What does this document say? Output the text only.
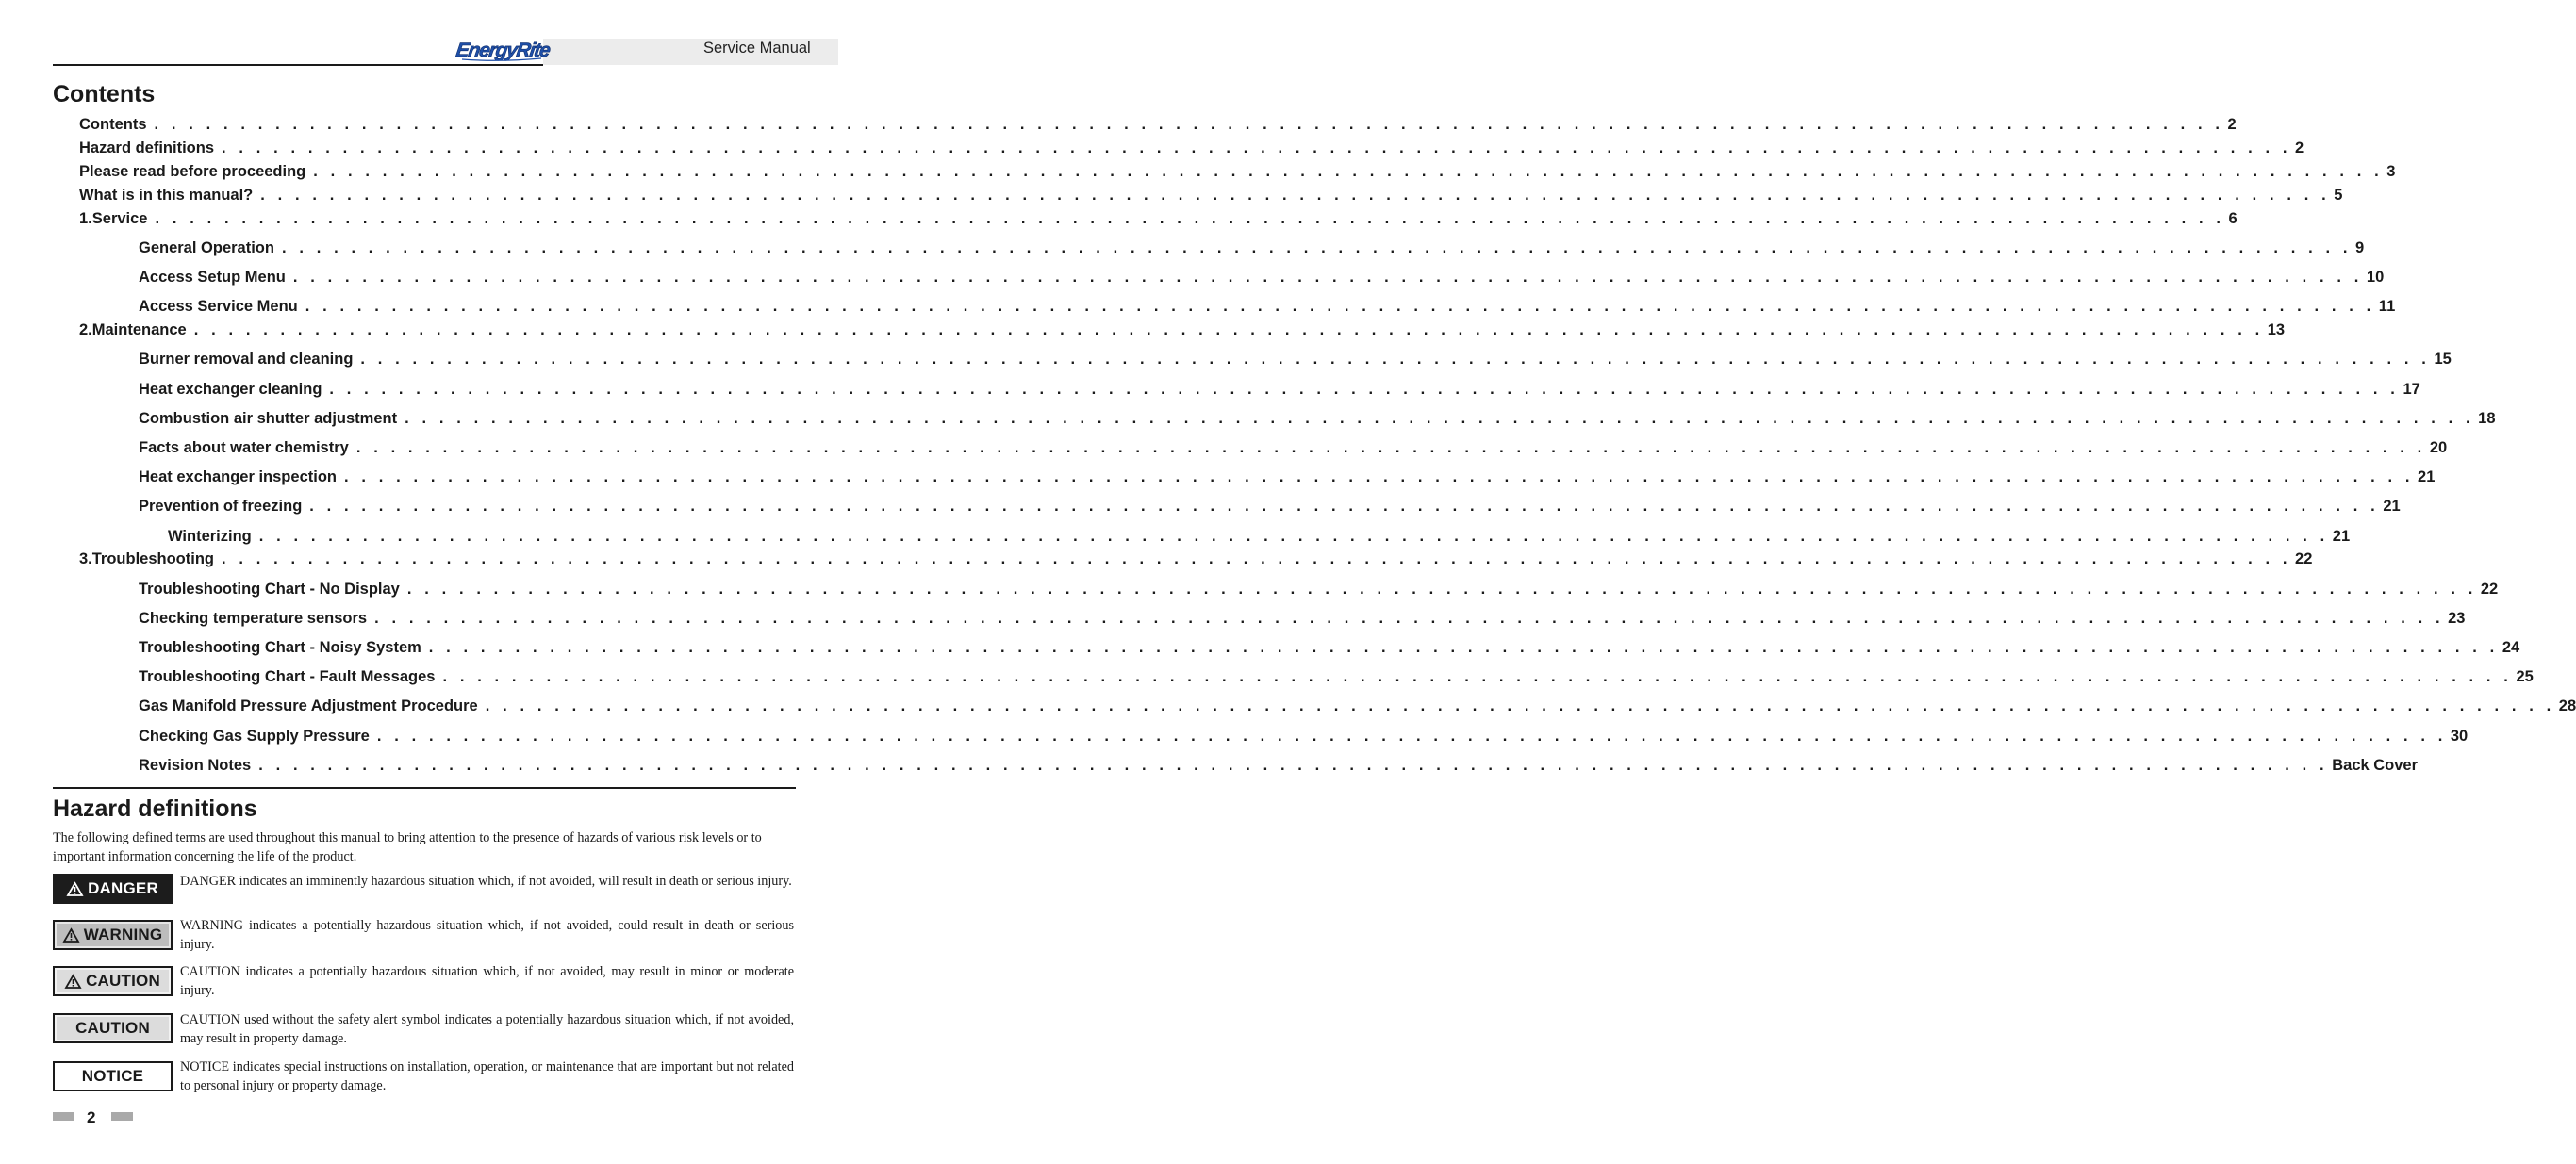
EnergyRite	Service Manual
Contents
Contents . . . . . . . . . . . . . . . . . . . . . . . . . . . . . . . . . . . . . . . . . . . . . . . . . . . . . . . . . . . . . . . . . . . . . . . . . . . . . . . . . . . . . . . . . . . . . . . . . . . . . . . . . . . . . . . . . . . . . . . . 2
Hazard definitions . . . . . . . . . . . . . . . . . . . . . . . . . . . . . . . . . . . . . . . . . . . . . . . . . . . . . . . . . . . . . . . . . . . . . . . . . . . . . . . . . . . . . . . . . . . . . . . . . . . . . . . . . . . . . . . . . . . . . . . . 2
Please read before proceeding . . . . . . . . . . . . . . . . . . . . . . . . . . . . . . . . . . . . . . . . . . . . . . . . . . . . . . . . . . . . . . . . . . . . . . . . . . . . . . . . . . . . . . . . . . . . . . . . . . . . . . . . . . . . . . . . . . . . . . . . 3
What is in this manual? . . . . . . . . . . . . . . . . . . . . . . . . . . . . . . . . . . . . . . . . . . . . . . . . . . . . . . . . . . . . . . . . . . . . . . . . . . . . . . . . . . . . . . . . . . . . . . . . . . . . . . . . . . . . . . . . . . . . . . . . 5
1. Service . . . . . . . . . . . . . . . . . . . . . . . . . . . . . . . . . . . . . . . . . . . . . . . . . . . . . . . . . . . . . . . . . . . . . . . . . . . . . . . . . . . . . . . . . . . . . . . . . . . . . . . . . . . . . . . . . . . . . . . . 6
General Operation . . . . . . . . . . . . . . . . . . . . . . . . . . . . . . . . . . . . . . . . . . . . . . . . . . . . . . . . . . . . . . . . . . . . . . . . . . . . . . . . . . . . . . . . . . . . . . . . . . . . . . . . . . . . . . . . . . . . . . . . 9
Access Setup Menu . . . . . . . . . . . . . . . . . . . . . . . . . . . . . . . . . . . . . . . . . . . . . . . . . . . . . . . . . . . . . . . . . . . . . . . . . . . . . . . . . . . . . . . . . . . . . . . . . . . . . . . . . . . . . . . . . . . . . . . . 10
Access Service Menu . . . . . . . . . . . . . . . . . . . . . . . . . . . . . . . . . . . . . . . . . . . . . . . . . . . . . . . . . . . . . . . . . . . . . . . . . . . . . . . . . . . . . . . . . . . . . . . . . . . . . . . . . . . . . . . . . . . . . . . . 11
2. Maintenance . . . . . . . . . . . . . . . . . . . . . . . . . . . . . . . . . . . . . . . . . . . . . . . . . . . . . . . . . . . . . . . . . . . . . . . . . . . . . . . . . . . . . . . . . . . . . . . . . . . . . . . . . . . . . . . . . . . . . . . . 13
Burner removal and cleaning . . . . . . . . . . . . . . . . . . . . . . . . . . . . . . . . . . . . . . . . . . . . . . . . . . . . . . . . . . . . . . . . . . . . . . . . . . . . . . . . . . . . . . . . . . . . . . . . . . . . . . . . . . . . . . . . . . . . . . . . 15
Heat exchanger cleaning . . . . . . . . . . . . . . . . . . . . . . . . . . . . . . . . . . . . . . . . . . . . . . . . . . . . . . . . . . . . . . . . . . . . . . . . . . . . . . . . . . . . . . . . . . . . . . . . . . . . . . . . . . . . . . . . . . . . . . . . 17
Combustion air shutter adjustment . . . . . . . . . . . . . . . . . . . . . . . . . . . . . . . . . . . . . . . . . . . . . . . . . . . . . . . . . . . . . . . . . . . . . . . . . . . . . . . . . . . . . . . . . . . . . . . . . . . . . . . . . . . . . . . . . . . . . . . . 18
Facts about water chemistry . . . . . . . . . . . . . . . . . . . . . . . . . . . . . . . . . . . . . . . . . . . . . . . . . . . . . . . . . . . . . . . . . . . . . . . . . . . . . . . . . . . . . . . . . . . . . . . . . . . . . . . . . . . . . . . . . . . . . . . . 20
Heat exchanger inspection . . . . . . . . . . . . . . . . . . . . . . . . . . . . . . . . . . . . . . . . . . . . . . . . . . . . . . . . . . . . . . . . . . . . . . . . . . . . . . . . . . . . . . . . . . . . . . . . . . . . . . . . . . . . . . . . . . . . . . . . 21
Prevention of freezing . . . . . . . . . . . . . . . . . . . . . . . . . . . . . . . . . . . . . . . . . . . . . . . . . . . . . . . . . . . . . . . . . . . . . . . . . . . . . . . . . . . . . . . . . . . . . . . . . . . . . . . . . . . . . . . . . . . . . . . . 21
Winterizing . . . . . . . . . . . . . . . . . . . . . . . . . . . . . . . . . . . . . . . . . . . . . . . . . . . . . . . . . . . . . . . . . . . . . . . . . . . . . . . . . . . . . . . . . . . . . . . . . . . . . . . . . . . . . . . . . . . . . . . . 21
3. Troubleshooting . . . . . . . . . . . . . . . . . . . . . . . . . . . . . . . . . . . . . . . . . . . . . . . . . . . . . . . . . . . . . . . . . . . . . . . . . . . . . . . . . . . . . . . . . . . . . . . . . . . . . . . . . . . . . . . . . . . . . . . . 22
Troubleshooting Chart - No Display . . . . . . . . . . . . . . . . . . . . . . . . . . . . . . . . . . . . . . . . . . . . . . . . . . . . . . . . . . . . . . . . . . . . . . . . . . . . . . . . . . . . . . . . . . . . . . . . . . . . . . . . . . . . . . . . . . . . . . . . 22
Checking temperature sensors . . . . . . . . . . . . . . . . . . . . . . . . . . . . . . . . . . . . . . . . . . . . . . . . . . . . . . . . . . . . . . . . . . . . . . . . . . . . . . . . . . . . . . . . . . . . . . . . . . . . . . . . . . . . . . . . . . . . . . . . 23
Troubleshooting Chart - Noisy System . . . . . . . . . . . . . . . . . . . . . . . . . . . . . . . . . . . . . . . . . . . . . . . . . . . . . . . . . . . . . . . . . . . . . . . . . . . . . . . . . . . . . . . . . . . . . . . . . . . . . . . . . . . . . . . . . . . . . . . . 24
Troubleshooting Chart - Fault Messages . . . . . . . . . . . . . . . . . . . . . . . . . . . . . . . . . . . . . . . . . . . . . . . . . . . . . . . . . . . . . . . . . . . . . . . . . . . . . . . . . . . . . . . . . . . . . . . . . . . . . . . . . . . . . . . . . . . . . . . . 25
Gas Manifold Pressure Adjustment Procedure . . . . . . . . . . . . . . . . . . . . . . . . . . . . . . . . . . . . . . . . . . . . . . . . . . . . . . . . . . . . . . . . . . . . . . . . . . . . . . . . . . . . . . . . . . . . . . . . . . . . . . . . . . . . . . . . . . . . . . . . 28
Checking Gas Supply Pressure . . . . . . . . . . . . . . . . . . . . . . . . . . . . . . . . . . . . . . . . . . . . . . . . . . . . . . . . . . . . . . . . . . . . . . . . . . . . . . . . . . . . . . . . . . . . . . . . . . . . . . . . . . . . . . . . . . . . . . . . 30
Revision Notes . . . . . . . . . . . . . . . . . . . . . . . . . . . . . . . . . . . . . . . . . . . . . . . . . . . . . . . . . . . . . . . . . . . . . . . . . . . . . . . . . . . . . . . . . . . . . . . . . . . . . . . . . . . . . . . . . . . . . . . . Back Cover
Hazard definitions
The following defined terms are used throughout this manual to bring attention to the presence of hazards of various risk levels or to important information concerning the life of the product.
DANGER DANGER indicates an imminently hazardous situation which, if not avoided, will result in death or serious injury.
WARNING WARNING indicates a potentially hazardous situation which, if not avoided, could result in death or serious injury.
CAUTION CAUTION indicates a potentially hazardous situation which, if not avoided, may result in minor or moderate injury.
CAUTION CAUTION used without the safety alert symbol indicates a potentially hazardous situation which, if not avoided, may result in property damage.
NOTICE	NOTICE indicates special instructions on installation, operation, or maintenance that are important but not related to personal injury or property damage.
2
